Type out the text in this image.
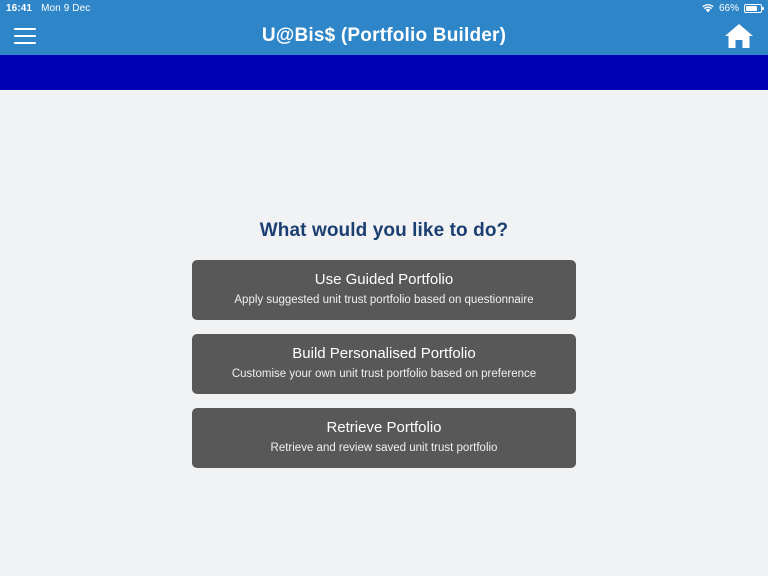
16:41 Mon 9 Dec	66%
U@Bis$ (Portfolio Builder)
What would you like to do?
Use Guided Portfolio
Apply suggested unit trust portfolio based on questionnaire
Build Personalised Portfolio
Customise your own unit trust portfolio based on preference
Retrieve Portfolio
Retrieve and review saved unit trust portfolio
